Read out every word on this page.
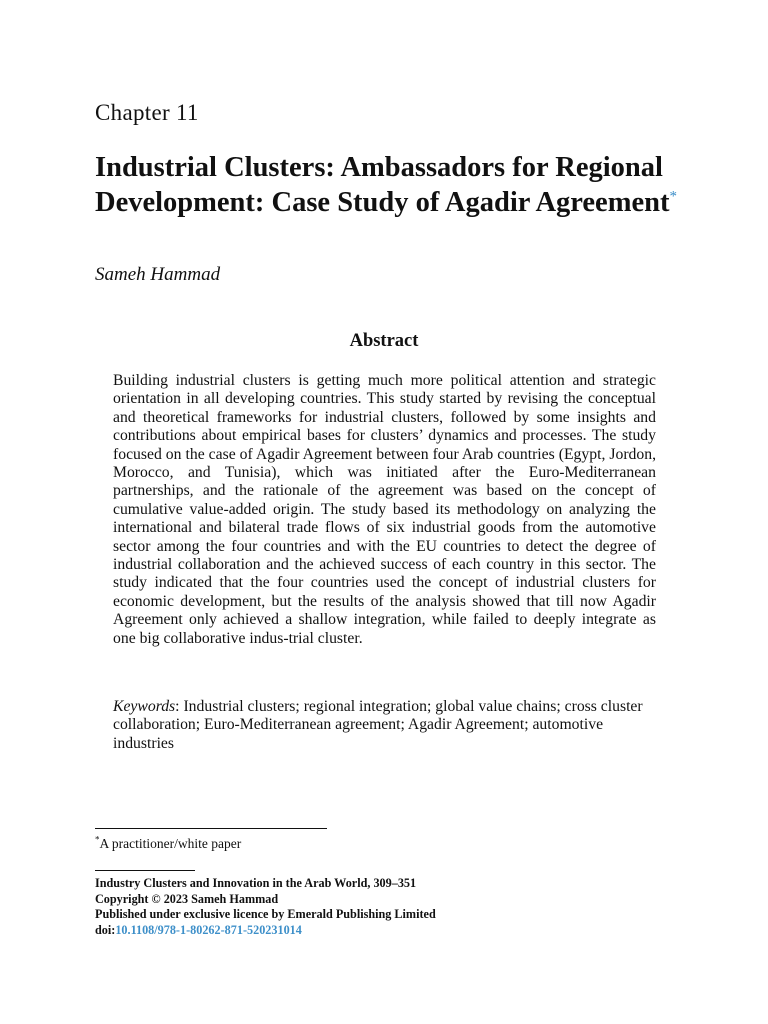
Chapter 11
Industrial Clusters: Ambassadors for Regional Development: Case Study of Agadir Agreement*

Sameh Hammad

Abstract

Building industrial clusters is getting much more political attention and strategic orientation in all developing countries. This study started by revising the conceptual and theoretical frameworks for industrial clusters, followed by some insights and contributions about empirical bases for clusters’ dynamics and processes. The study focused on the case of Agadir Agreement between four Arab countries (Egypt, Jordon, Morocco, and Tunisia), which was initiated after the Euro-Mediterranean partnerships, and the rationale of the agreement was based on the concept of cumulative value-added origin. The study based its methodology on analyzing the international and bilateral trade flows of six industrial goods from the automotive sector among the four countries and with the EU countries to detect the degree of industrial collaboration and the achieved success of each country in this sector. The study indicated that the four countries used the concept of industrial clusters for economic development, but the results of the analysis showed that till now Agadir Agreement only achieved a shallow integration, while failed to deeply integrate as one big collaborative indus-trial cluster.

Keywords: Industrial clusters; regional integration; global value chains; cross cluster collaboration; Euro-Mediterranean agreement; Agadir Agreement; automotive industries

*A practitioner/white paper

Industry Clusters and Innovation in the Arab World, 309–351
Copyright © 2023 Sameh Hammad
Published under exclusive licence by Emerald Publishing Limited
doi:10.1108/978-1-80262-871-520231014
